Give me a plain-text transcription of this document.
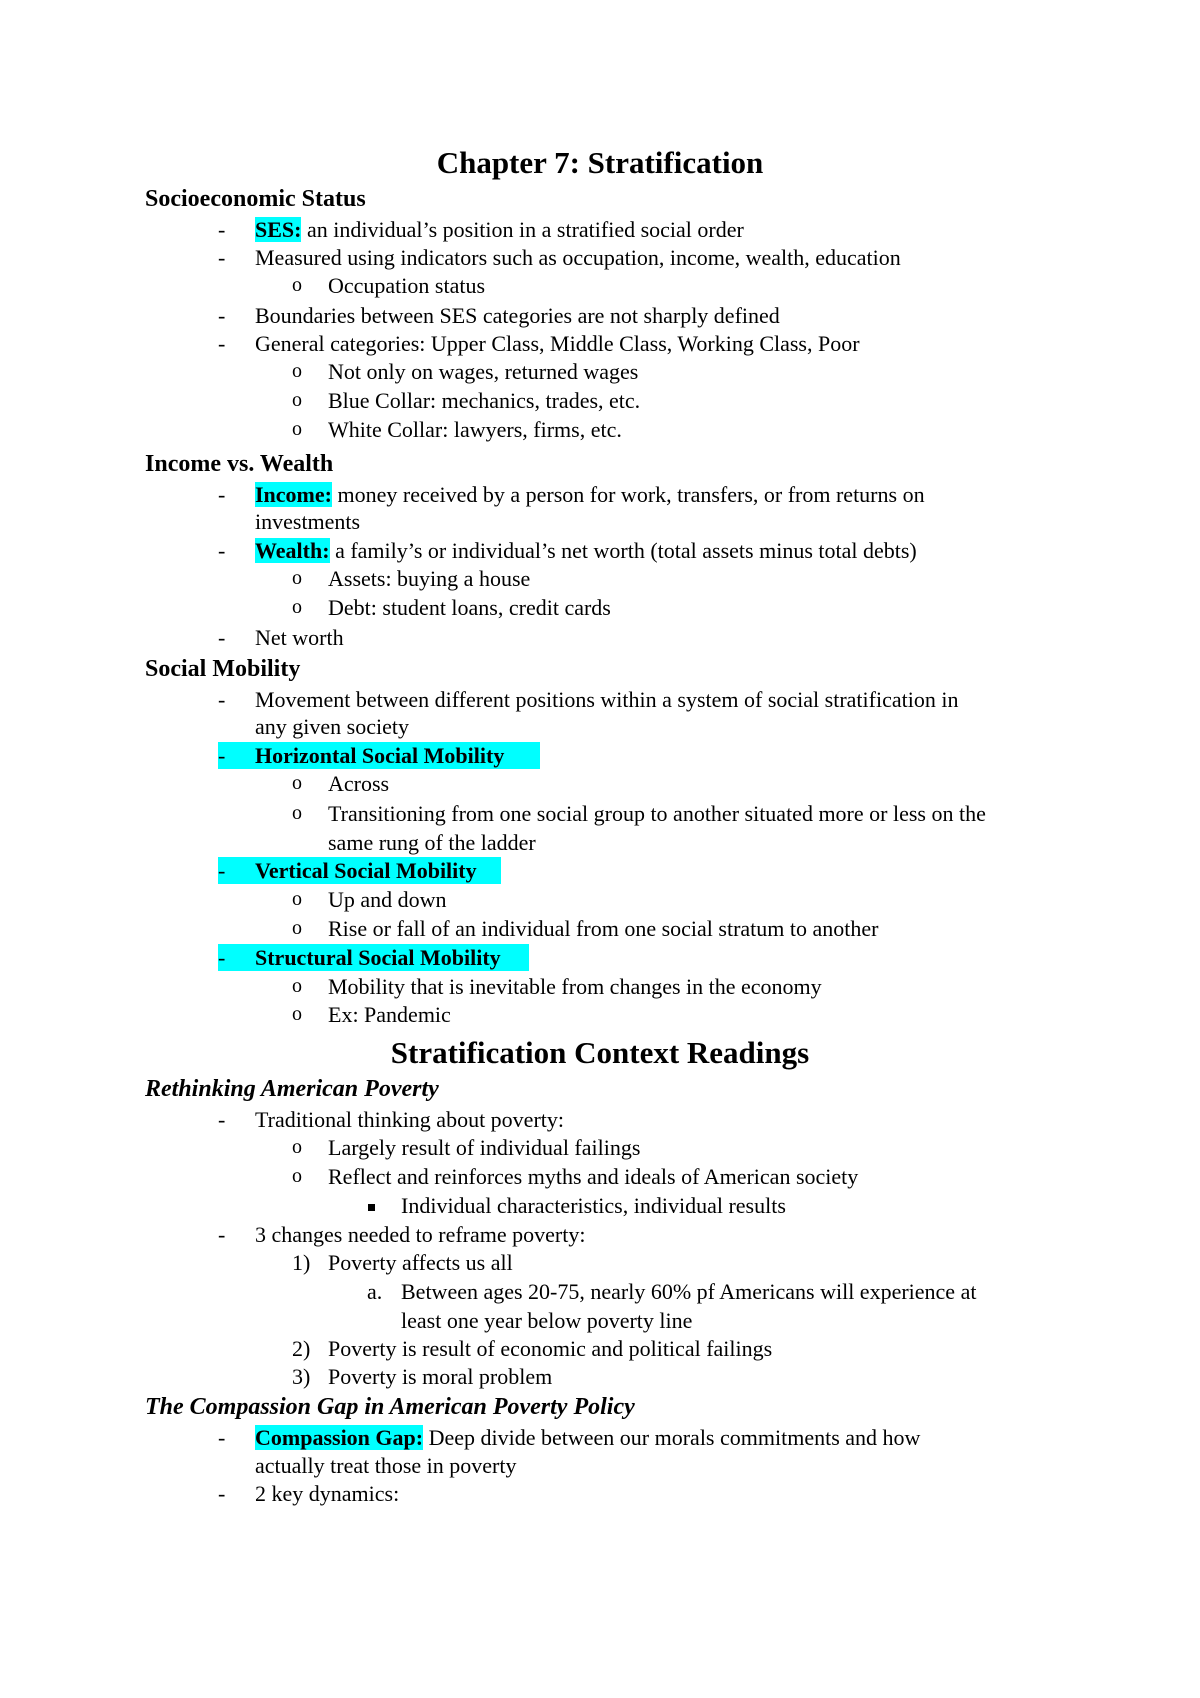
Chapter 7: Stratification
Socioeconomic Status
- SES: an individual’s position in a stratified social order
- Measured using indicators such as occupation, income, wealth, education
o Occupation status
- Boundaries between SES categories are not sharply defined
- General categories: Upper Class, Middle Class, Working Class, Poor
o Not only on wages, returned wages
o Blue Collar: mechanics, trades, etc.
o White Collar: lawyers, firms, etc.
Income vs. Wealth
- Income: money received by a person for work, transfers, or from returns on
investments
- Wealth: a family’s or individual’s net worth (total assets minus total debts)
o Assets: buying a house
o Debt: student loans, credit cards
- Net worth
Social Mobility
- Movement between different positions within a system of social stratification in
any given society
- Horizontal Social Mobility
o Across
o Transitioning from one social group to another situated more or less on the
same rung of the ladder
- Vertical Social Mobility
o Up and down
o Rise or fall of an individual from one social stratum to another
- Structural Social Mobility
o Mobility that is inevitable from changes in the economy
o Ex: Pandemic
Stratification Context Readings
Rethinking American Poverty
- Traditional thinking about poverty:
o Largely result of individual failings
o Reflect and reinforces myths and ideals of American society
Individual characteristics, individual results
- 3 changes needed to reframe poverty:
1) Poverty affects us all
a. Between ages 20-75, nearly 60% pf Americans will experience at
least one year below poverty line
2) Poverty is result of economic and political failings
3) Poverty is moral problem
The Compassion Gap in American Poverty Policy
- Compassion Gap: Deep divide between our morals commitments and how
actually treat those in poverty
- 2 key dynamics:
